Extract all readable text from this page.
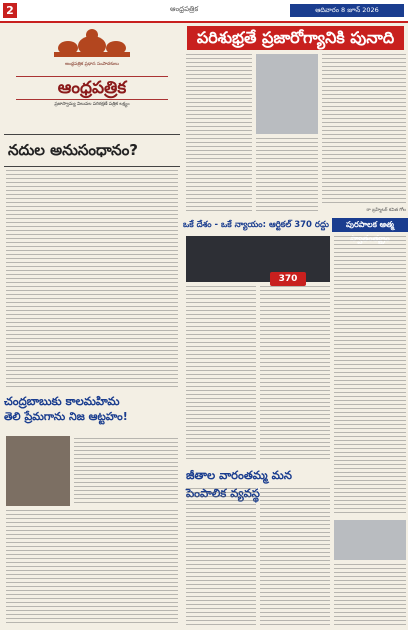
2	ఆంధ్రపత్రిక	ఆదివారం 8 జూన్ 2026
ఆంధ్రపత్రిక ప్రధాన సంపాదకులు
ఆంధ్రపత్రిక
ప్రజాస్వామ్య విలువల పరిరక్షణే పత్రిక లక్ష్యం
నదుల అనుసంధానం?
చంద్రబాబుకు కాలమహిమ
తెలి ప్రేమగాను నిజ ఆట్టహం!
పరిశుభ్రతే ప్రజారోగ్యానికి పునాది
రా బ్రహ్మేటర్ కవిత గోల
ఒకే దేశం - ఒకే న్యాయం: ఆర్టికల్ 370 రద్దు	పురపాలక ఆత్మ స్వాతంత్య్రం
370
జీతాల వారంతమ్మ మన పెంపాలిక వ్యవస్థ
